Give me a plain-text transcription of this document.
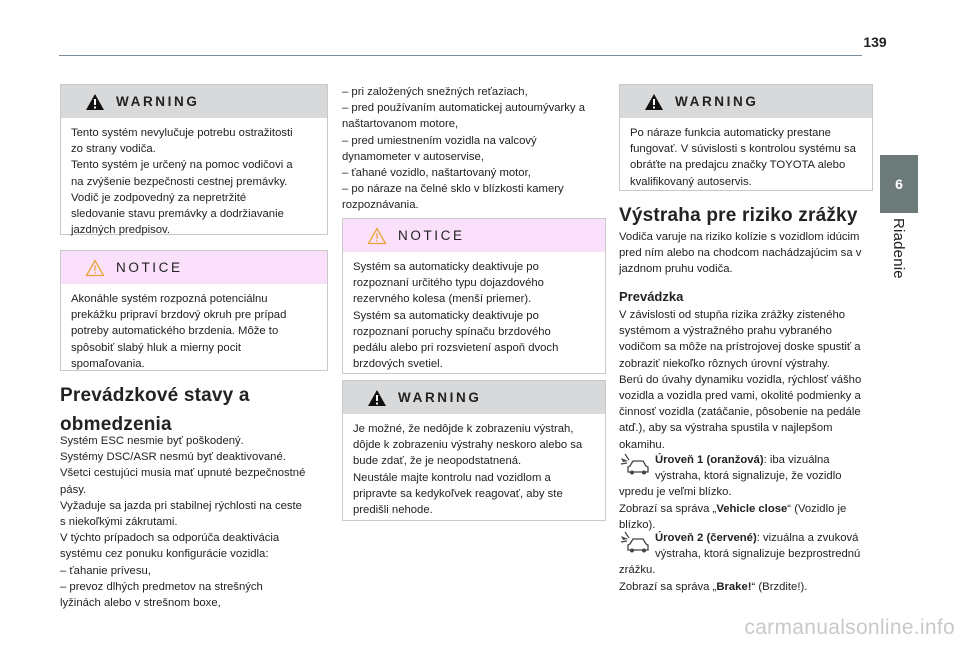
139
6
Riadenie
WARNING
Tento systém nevylučuje potrebu ostražitosti
zo strany vodiča.
Tento systém je určený na pomoc vodičovi a
na zvýšenie bezpečnosti cestnej premávky.
Vodič je zodpovedný za nepretržité
sledovanie stavu premávky a dodržiavanie
jazdných predpisov.
NOTICE
Akonáhle systém rozpozná potenciálnu
prekážku pripraví brzdový okruh pre prípad
potreby automatického brzdenia. Môže to
spôsobiť slabý hluk a mierny pocit
spomaľovania.
Prevádzkové stavy a
obmedzenia
Systém ESC nesmie byť poškodený.
Systémy DSC/ASR nesmú byť deaktivované.
Všetci cestujúci musia mať upnuté bezpečnostné
pásy.
Vyžaduje sa jazda pri stabilnej rýchlosti na ceste
s niekoľkými zákrutami.
V týchto prípadoch sa odporúča deaktivácia
systému cez ponuku konfigurácie vozidla:
– ťahanie prívesu,
– prevoz dlhých predmetov na strešných
lyžinách alebo v strešnom boxe,
– pri založených snežných reťaziach,
– pred používaním automatickej autoumývarky a
naštartovanom motore,
– pred umiestnením vozidla na valcový
dynamometer v autoservise,
– ťahané vozidlo, naštartovaný motor,
– po náraze na čelné sklo v blízkosti kamery
rozpoznávania.
NOTICE
Systém sa automaticky deaktivuje po
rozpoznaní určitého typu dojazdového
rezervného kolesa (menší priemer).
Systém sa automaticky deaktivuje po
rozpoznaní poruchy spínaču brzdového
pedálu alebo pri rozsvietení aspoň dvoch
brzdových svetiel.
WARNING
Je možné, že nedôjde k zobrazeniu výstrah,
dôjde k zobrazeniu výstrahy neskoro alebo sa
bude zdať, že je neopodstatnená.
Neustále majte kontrolu nad vozidlom a
pripravte sa kedykoľvek reagovať, aby ste
predišli nehode.
WARNING
Po náraze funkcia automaticky prestane
fungovať. V súvislosti s kontrolou systému sa
obráťte na predajcu značky TOYOTA alebo
kvalifikovaný autoservis.
Výstraha pre riziko zrážky
Vodiča varuje na riziko kolízie s vozidlom idúcim
pred ním alebo na chodcom nachádzajúcim sa v
jazdnom pruhu vodiča.
Prevádzka
V závislosti od stupňa rizika zrážky zisteného
systémom a výstražného prahu vybraného
vodičom sa môže na prístrojovej doske spustiť a
zobraziť niekoľko rôznych úrovní výstrahy.
Berú do úvahy dynamiku vozidla, rýchlosť vášho
vozidla a vozidla pred vami, okolité podmienky a
činnosť vozidla (zatáčanie, pôsobenie na pedále
atď.), aby sa výstraha spustila v najlepšom
okamihu.
Úroveň 1 (oranžová): iba vizuálna
výstraha, ktorá signalizuje, že vozidlo
vpredu je veľmi blízko.
Zobrazí sa správa „Vehicle close“ (Vozidlo je
blízko).
Úroveň 2 (červené): vizuálna a zvuková
výstraha, ktorá signalizuje bezprostrednú
zrážku.
Zobrazí sa správa „Brake!“ (Brzdite!).
carmanualsonline.info
